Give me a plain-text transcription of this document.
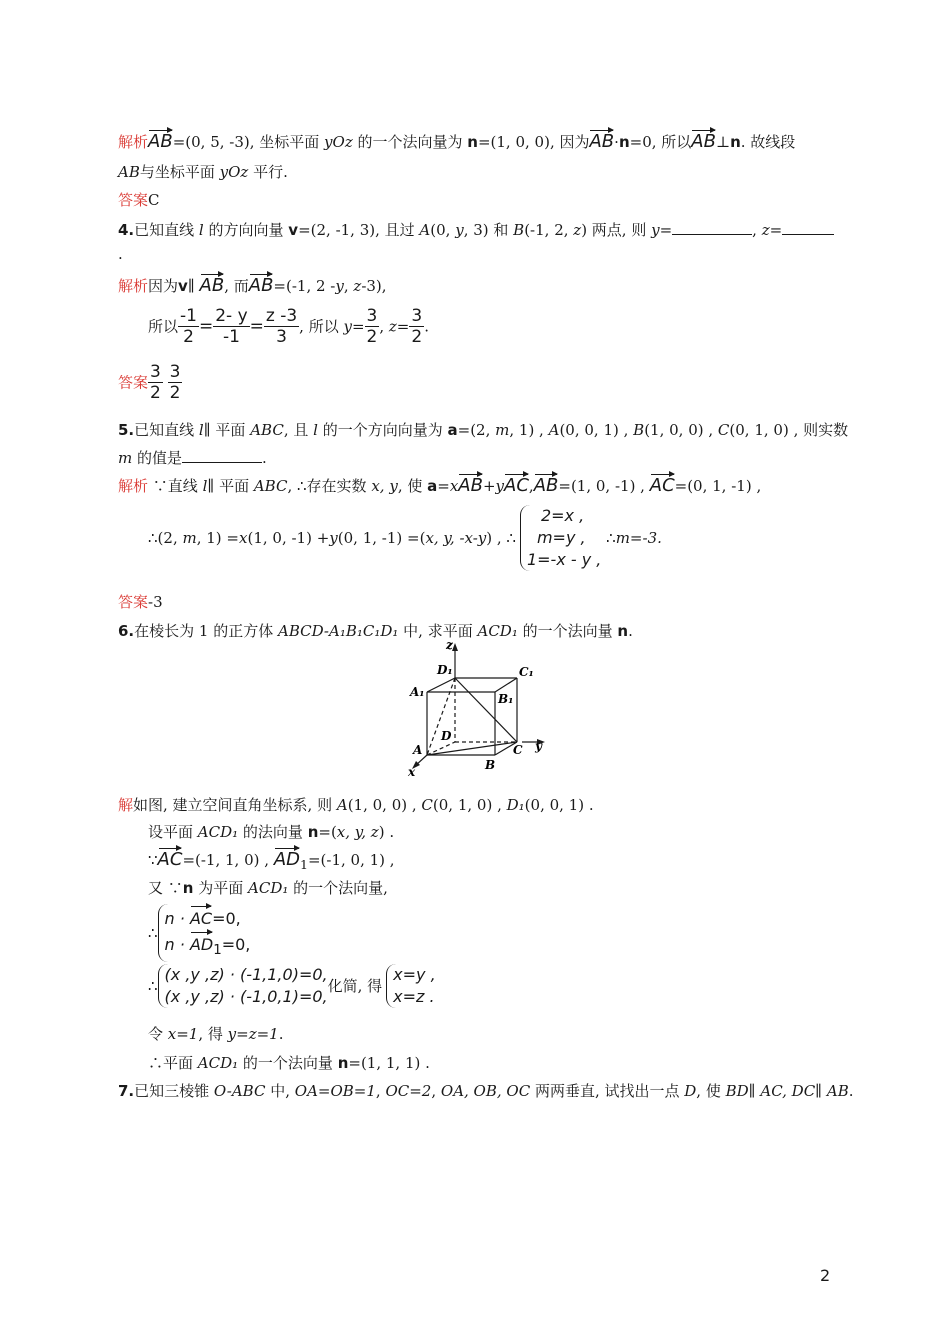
解析AB=(0, 5, -3), 坐标平面 yOz 的一个法向量为 n=(1, 0, 0), 因为AB·n=0, 所以AB⊥n. 故线段
AB与坐标平面 yOz 平行.
答案C
4.已知直线 l 的方向向量 v=(2, -1, 3), 且过 A(0, y, 3) 和 B(-1, 2, z) 两点, 则 y=	, z=
.
解析因为v∥ AB, 而AB=(-1, 2 -y, z-3),
所以 $\frac{-1}{2} = \frac{2- y}{-1} = \frac{z -3}{3}$ , 所以 $y= \frac{3}{2}$ , $z= \frac{3}{2}$ .
答案 $\frac{3}{2}$
$\frac{3}{2}$
5.已知直线 l∥ 平面 ABC, 且 l 的一个方向向量为 a=(2, m, 1) , A(0, 0, 1) , B(1, 0, 0) , C(0, 1, 0) , 则实数
m 的值是	.
解析 ∵直线 l∥ 平面 ABC, ∴存在实数 x, y, 使 a=xAB+yAC,AB=(1, 0, -1) , AC=(0, 1, -1) ,
∴(2, m, 1) =x(1, 0, -1) +y(0, 1, -1) =(x, y, -x-y) , ∴
2=x ,
m=y ,
1=-x - y ,
∴m=-3.
答案-3
6.在棱长为 1 的正方体 ABCD-A₁B₁C₁D₁ 中, 求平面 ACD₁ 的一个法向量 n.
z
D₁	C₁
A₁	B₁
D
A
B
C y
x
解如图, 建立空间直角坐标系, 则 A(1, 0, 0) , C(0, 1, 0) , D₁(0, 0, 1) .
设平面 ACD₁ 的法向量 n=(x, y, z) .
∵AC=(-1, 1, 0) , $AD_1=(-1$, 0, 1) ,
又 ∵n 为平面 ACD₁ 的一个法向量,
∴
n · AC=0,
$n \cdot AD_1=0$,
∴
(x ,y ,z) · (-1,1,0)=0,
(x ,y ,z) · (-1,0,1)=0,
化简, 得
x=y ,
x=z .
令 x=1, 得 y=z=1.
∴平面 ACD₁ 的一个法向量 n=(1, 1, 1) .
7.已知三棱锥 O-ABC 中, OA=OB=1, OC=2, OA, OB, OC 两两垂直, 试找出一点 D, 使 BD∥ AC, DC∥ AB.
2
